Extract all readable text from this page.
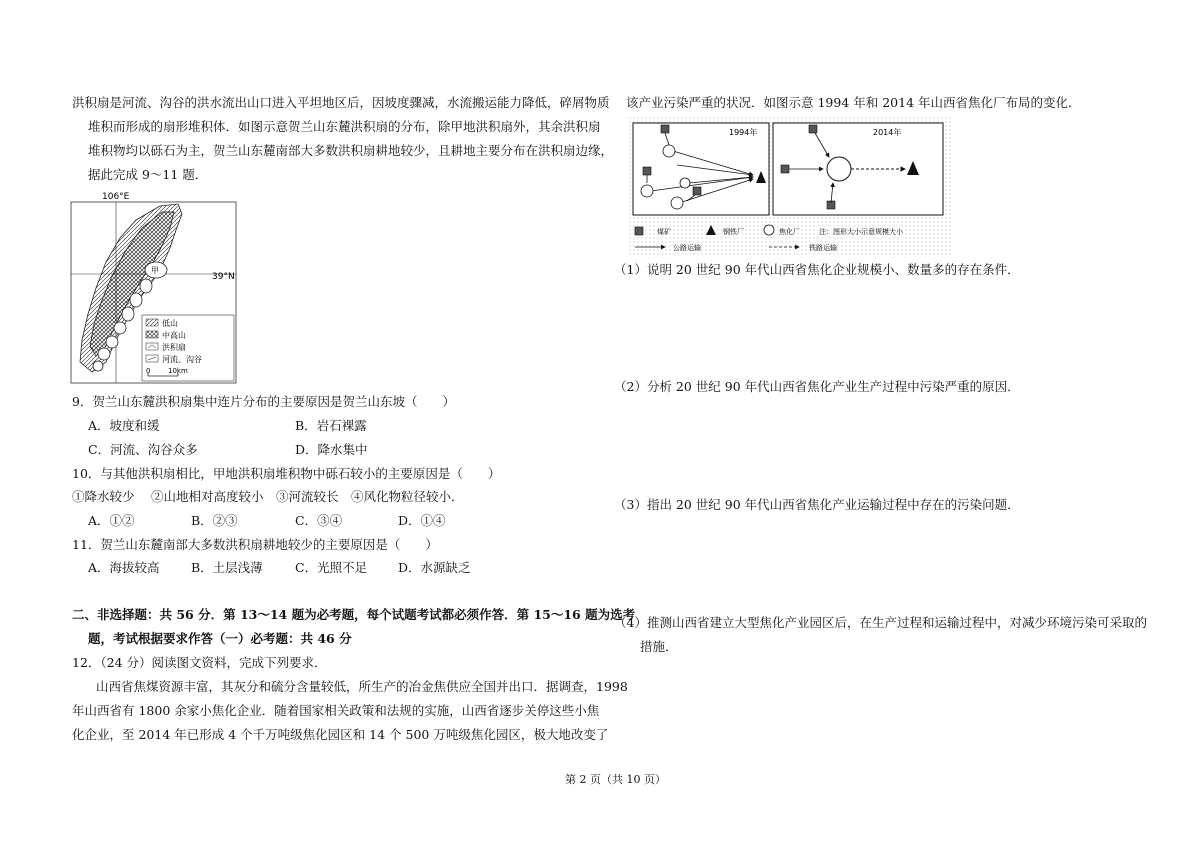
洪积扇是河流、沟谷的洪水流出山口进入平坦地区后，因坡度骤减，水流搬运能力降低，碎屑物质
堆积而形成的扇形堆积体．如图示意贺兰山东麓洪积扇的分布，除甲地洪积扇外，其余洪积扇
堆积物均以砾石为主，贺兰山东麓南部大多数洪积扇耕地较少，且耕地主要分布在洪积扇边缘，
据此完成 9～11 题．
106°E
39°N
甲
低山
中高山
洪积扇
河流、沟谷
0	10km
9．贺兰山东麓洪积扇集中连片分布的主要原因是贺兰山东坡（　　）
A．坡度和缓	B．岩石裸露
C．河流、沟谷众多	D．降水集中
10．与其他洪积扇相比，甲地洪积扇堆积物中砾石较小的主要原因是（　　）
①降水较少　 ②山地相对高度较小　③河流较长　④风化物粒径较小．
A．①②	B．②③	C．③④	D．①④
11．贺兰山东麓南部大多数洪积扇耕地较少的主要原因是（　　）
A．海拔较高	B．土层浅薄	C．光照不足 D．水源缺乏
二、非选择题：共 56 分．第 13～14 题为必考题，每个试题考试都必须作答．第 15～16 题为选考
题，考试根据要求作答（一）必考题：共 46 分
12．（24 分）阅读图文资料，完成下列要求．
山西省焦煤资源丰富，其灰分和硫分含量较低，所生产的冶金焦供应全国并出口．据调查，1998
年山西省有 1800 余家小焦化企业．随着国家相关政策和法规的实施，山西省逐步关停这些小焦
化企业，至 2014 年已形成 4 个千万吨级焦化园区和 14 个 500 万吨级焦化园区，极大地改变了
该产业污染严重的状况．如图示意 1994 年和 2014 年山西省焦化厂布局的变化．
1994年	2014年
煤矿	钢铁厂	焦化厂	注：图形大小示意规模大小
公路运输	铁路运输
（1）说明 20 世纪 90 年代山西省焦化企业规模小、数量多的存在条件．
（2）分析 20 世纪 90 年代山西省焦化产业生产过程中污染严重的原因．
（3）指出 20 世纪 90 年代山西省焦化产业运输过程中存在的污染问题．
（4）推测山西省建立大型焦化产业园区后，在生产过程和运输过程中，对减少环境污染可采取的
措施．
第 2 页（共 10 页）
